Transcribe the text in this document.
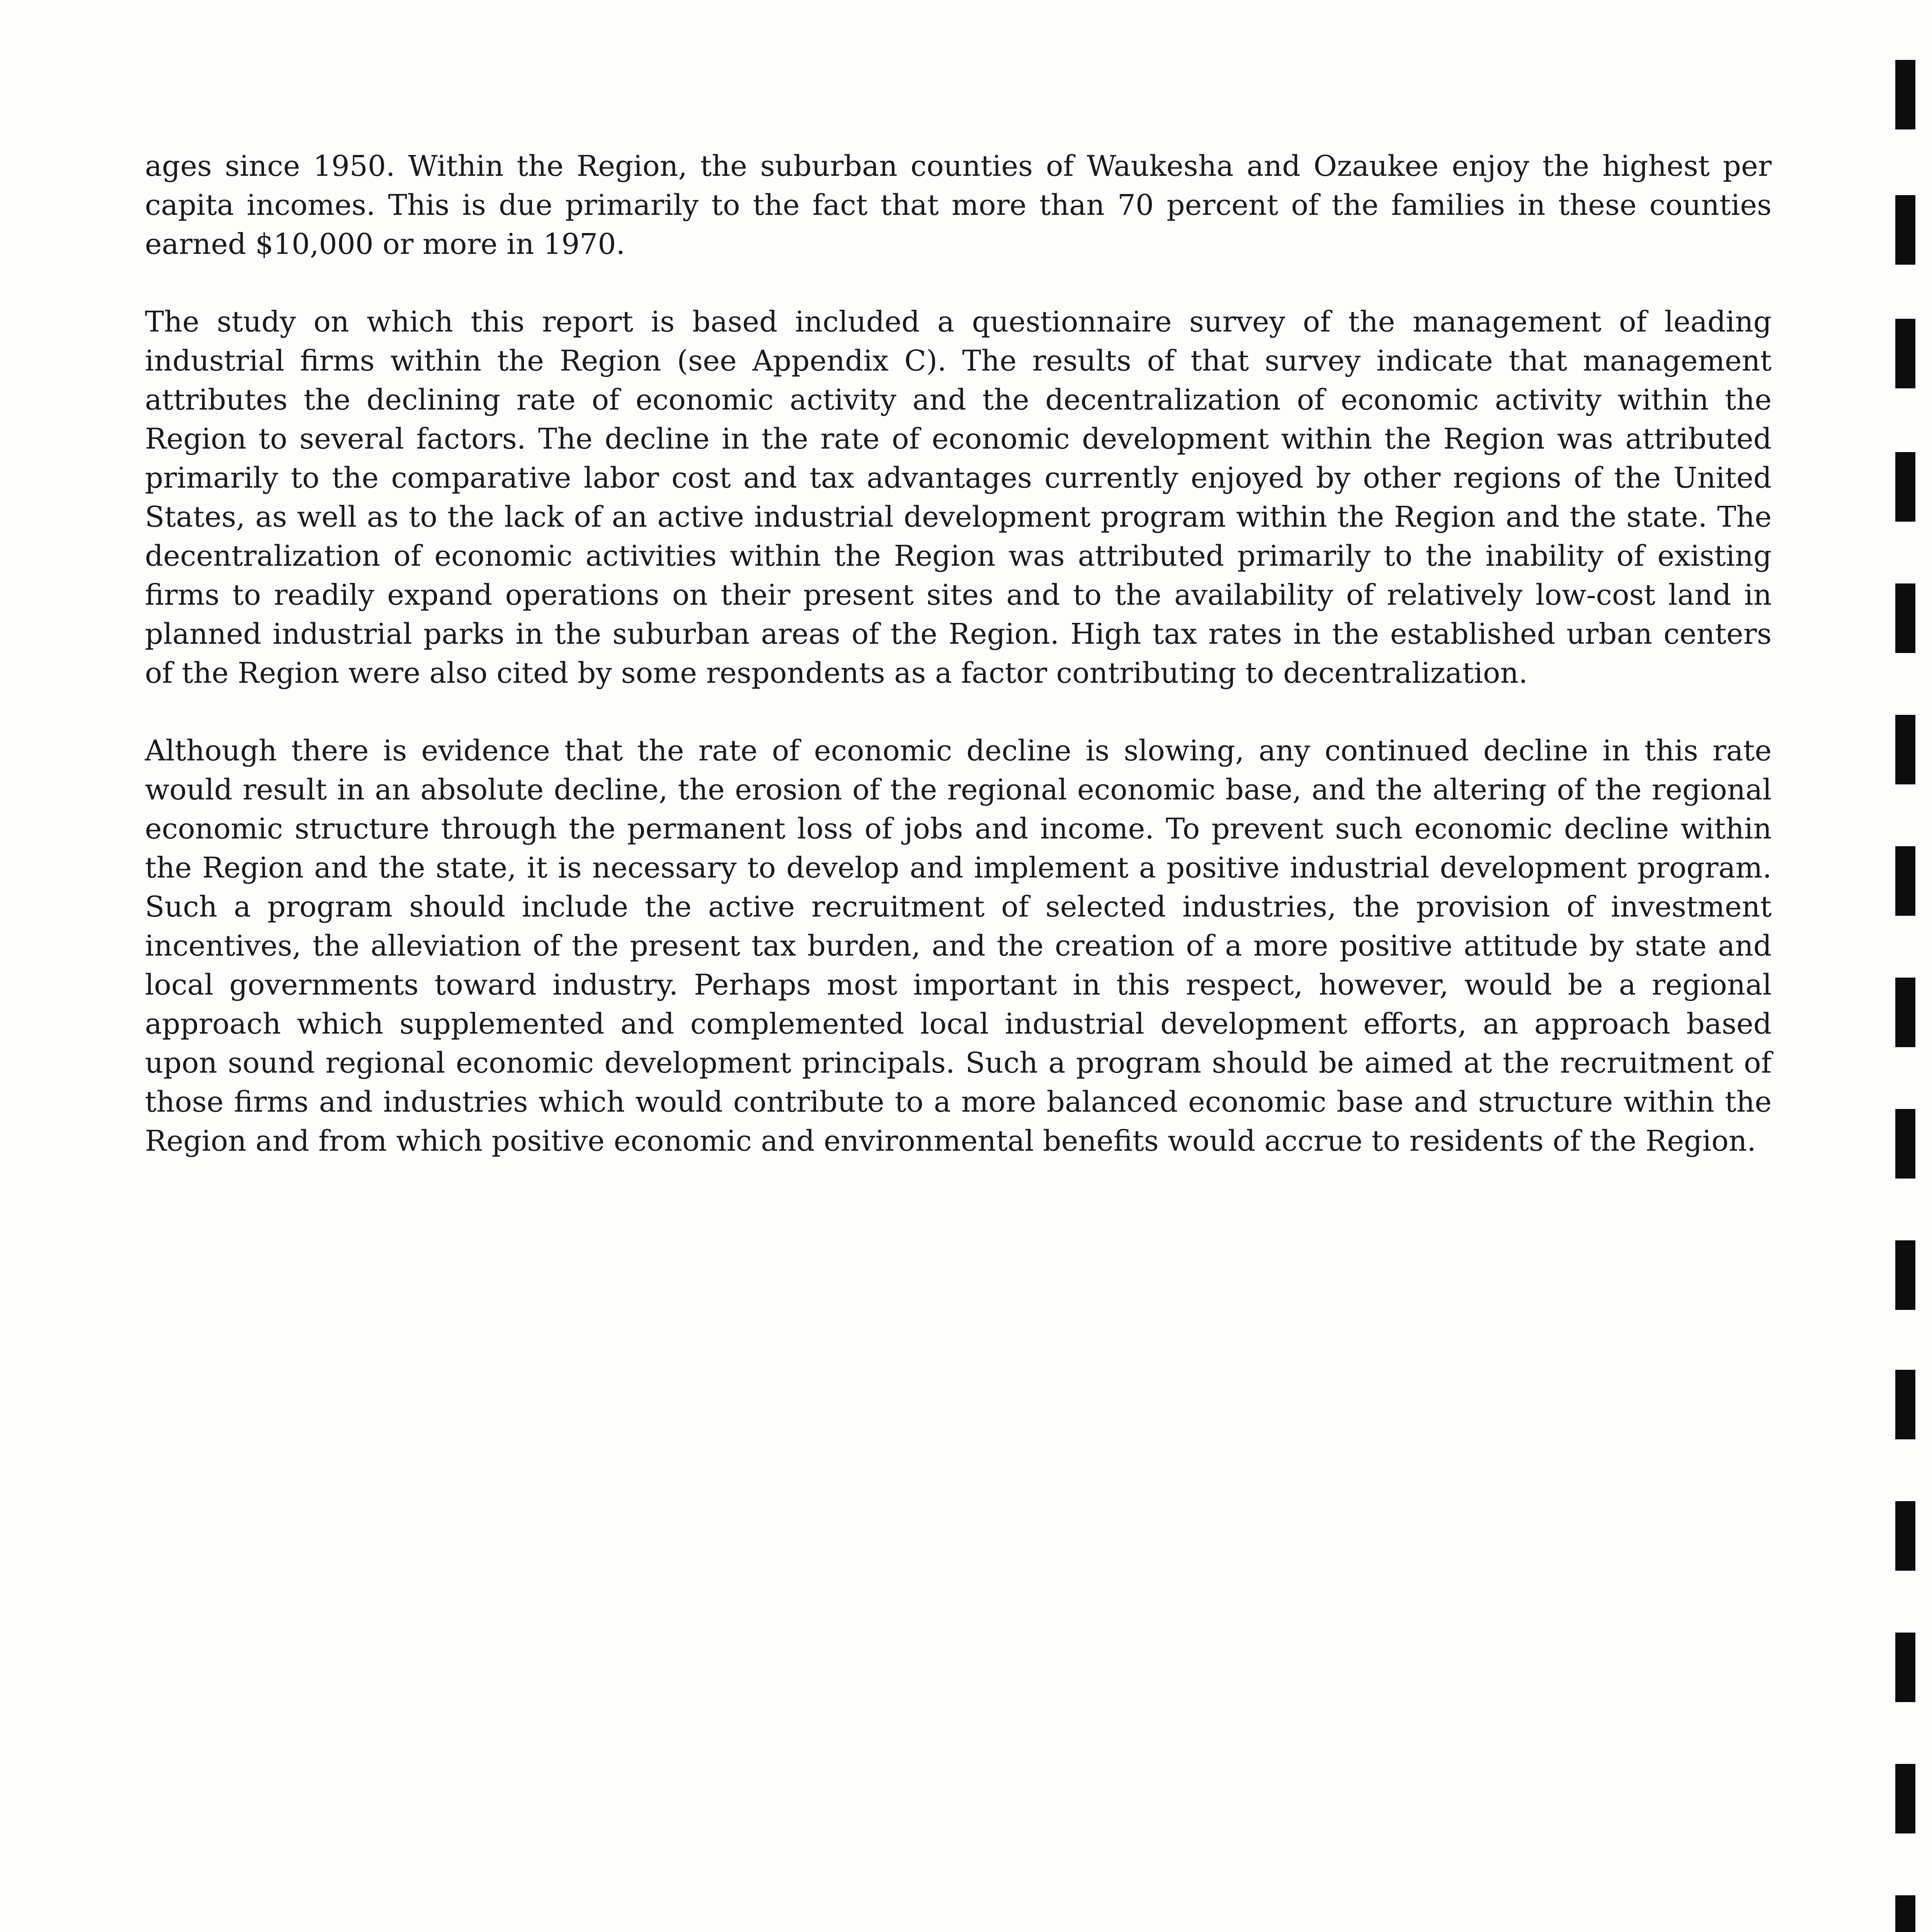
ages since 1950. Within the Region, the suburban counties of Waukesha and Ozaukee enjoy the highest per capita incomes. This is due primarily to the fact that more than 70 percent of the families in these counties earned $10,000 or more in 1970.

The study on which this report is based included a questionnaire survey of the management of leading industrial firms within the Region (see Appendix C). The results of that survey indicate that management attributes the declining rate of economic activity and the decentralization of economic activity within the Region to several factors. The decline in the rate of economic development within the Region was attributed primarily to the comparative labor cost and tax advantages currently enjoyed by other regions of the United States, as well as to the lack of an active industrial development program within the Region and the state. The decentralization of economic activities within the Region was attributed primarily to the inability of existing firms to readily expand operations on their present sites and to the availability of relatively low-cost land in planned industrial parks in the suburban areas of the Region. High tax rates in the established urban centers of the Region were also cited by some respondents as a factor contributing to decentralization.

Although there is evidence that the rate of economic decline is slowing, any continued decline in this rate would result in an absolute decline, the erosion of the regional economic base, and the altering of the regional economic structure through the permanent loss of jobs and income. To prevent such economic decline within the Region and the state, it is necessary to develop and implement a positive industrial development program. Such a program should include the active recruitment of selected industries, the provision of investment incentives, the alleviation of the present tax burden, and the creation of a more positive attitude by state and local governments toward industry. Perhaps most important in this respect, however, would be a regional approach which supplemented and complemented local industrial development efforts, an approach based upon sound regional economic development principals. Such a program should be aimed at the recruitment of those firms and industries which would contribute to a more balanced economic base and structure within the Region and from which positive economic and environmental benefits would accrue to residents of the Region.
